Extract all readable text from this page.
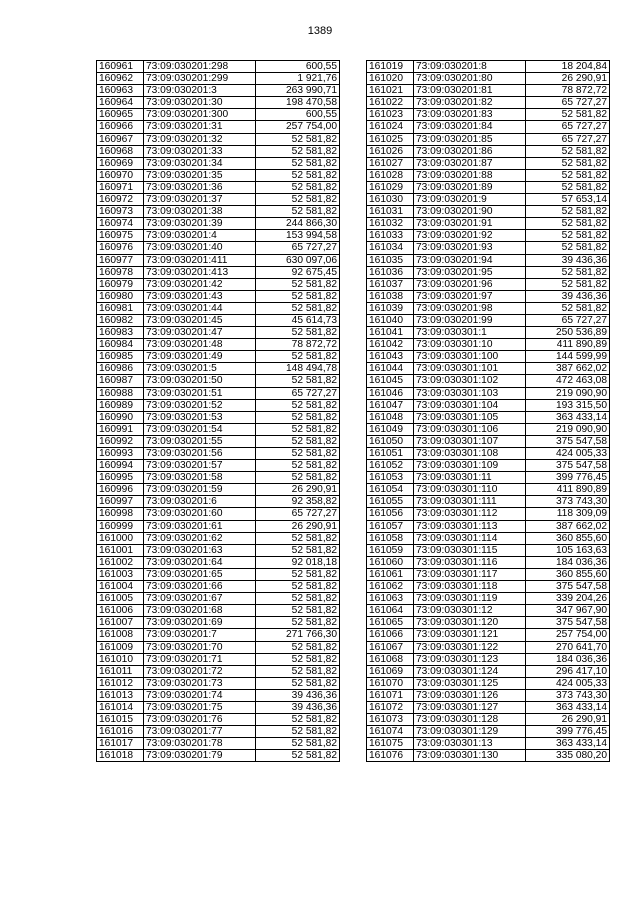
1389
160961	73:09:030201:298	600,55
160962	73:09:030201:299	1 921,76
160963	73:09:030201:3	263 990,71
160964	73:09:030201:30	198 470,58
160965	73:09:030201:300	600,55
160966	73:09:030201:31	257 754,00
160967	73:09:030201:32	52 581,82
160968	73:09:030201:33	52 581,82
160969	73:09:030201:34	52 581,82
160970	73:09:030201:35	52 581,82
160971	73:09:030201:36	52 581,82
160972	73:09:030201:37	52 581,82
160973	73:09:030201:38	52 581,82
160974	73:09:030201:39	244 866,30
160975	73:09:030201:4	153 994,58
160976	73:09:030201:40	65 727,27
160977	73:09:030201:411	630 097,06
160978	73:09:030201:413	92 675,45
160979	73:09:030201:42	52 581,82
160980	73:09:030201:43	52 581,82
160981	73:09:030201:44	52 581,82
160982	73:09:030201:45	45 614,73
160983	73:09:030201:47	52 581,82
160984	73:09:030201:48	78 872,72
160985	73:09:030201:49	52 581,82
160986	73:09:030201:5	148 494,78
160987	73:09:030201:50	52 581,82
160988	73:09:030201:51	65 727,27
160989	73:09:030201:52	52 581,82
160990	73:09:030201:53	52 581,82
160991	73:09:030201:54	52 581,82
160992	73:09:030201:55	52 581,82
160993	73:09:030201:56	52 581,82
160994	73:09:030201:57	52 581,82
160995	73:09:030201:58	52 581,82
160996	73:09:030201:59	26 290,91
160997	73:09:030201:6	92 358,82
160998	73:09:030201:60	65 727,27
160999	73:09:030201:61	26 290,91
161000	73:09:030201:62	52 581,82
161001	73:09:030201:63	52 581,82
161002	73:09:030201:64	92 018,18
161003	73:09:030201:65	52 581,82
161004	73:09:030201:66	52 581,82
161005	73:09:030201:67	52 581,82
161006	73:09:030201:68	52 581,82
161007	73:09:030201:69	52 581,82
161008	73:09:030201:7	271 766,30
161009	73:09:030201:70	52 581,82
161010	73:09:030201:71	52 581,82
161011	73:09:030201:72	52 581,82
161012	73:09:030201:73	52 581,82
161013	73:09:030201:74	39 436,36
161014	73:09:030201:75	39 436,36
161015	73:09:030201:76	52 581,82
161016	73:09:030201:77	52 581,82
161017	73:09:030201:78	52 581,82
161018	73:09:030201:79	52 581,82
161019	73:09:030201:8	18 204,84
161020	73:09:030201:80	26 290,91
161021	73:09:030201:81	78 872,72
161022	73:09:030201:82	65 727,27
161023	73:09:030201:83	52 581,82
161024	73:09:030201:84	65 727,27
161025	73:09:030201:85	65 727,27
161026	73:09:030201:86	52 581,82
161027	73:09:030201:87	52 581,82
161028	73:09:030201:88	52 581,82
161029	73:09:030201:89	52 581,82
161030	73:09:030201:9	57 653,14
161031	73:09:030201:90	52 581,82
161032	73:09:030201:91	52 581,82
161033	73:09:030201:92	52 581,82
161034	73:09:030201:93	52 581,82
161035	73:09:030201:94	39 436,36
161036	73:09:030201:95	52 581,82
161037	73:09:030201:96	52 581,82
161038	73:09:030201:97	39 436,36
161039	73:09:030201:98	52 581,82
161040	73:09:030201:99	65 727,27
161041	73:09:030301:1	250 536,89
161042	73:09:030301:10	411 890,89
161043	73:09:030301:100	144 599,99
161044	73:09:030301:101	387 662,02
161045	73:09:030301:102	472 463,08
161046	73:09:030301:103	219 090,90
161047	73:09:030301:104	193 315,50
161048	73:09:030301:105	363 433,14
161049	73:09:030301:106	219 090,90
161050	73:09:030301:107	375 547,58
161051	73:09:030301:108	424 005,33
161052	73:09:030301:109	375 547,58
161053	73:09:030301:11	399 776,45
161054	73:09:030301:110	411 890,89
161055	73:09:030301:111	373 743,30
161056	73:09:030301:112	118 309,09
161057	73:09:030301:113	387 662,02
161058	73:09:030301:114	360 855,60
161059	73:09:030301:115	105 163,63
161060	73:09:030301:116	184 036,36
161061	73:09:030301:117	360 855,60
161062	73:09:030301:118	375 547,58
161063	73:09:030301:119	339 204,26
161064	73:09:030301:12	347 967,90
161065	73:09:030301:120	375 547,58
161066	73:09:030301:121	257 754,00
161067	73:09:030301:122	270 641,70
161068	73:09:030301:123	184 036,36
161069	73:09:030301:124	296 417,10
161070	73:09:030301:125	424 005,33
161071	73:09:030301:126	373 743,30
161072	73:09:030301:127	363 433,14
161073	73:09:030301:128	26 290,91
161074	73:09:030301:129	399 776,45
161075	73:09:030301:13	363 433,14
161076	73:09:030301:130	335 080,20
